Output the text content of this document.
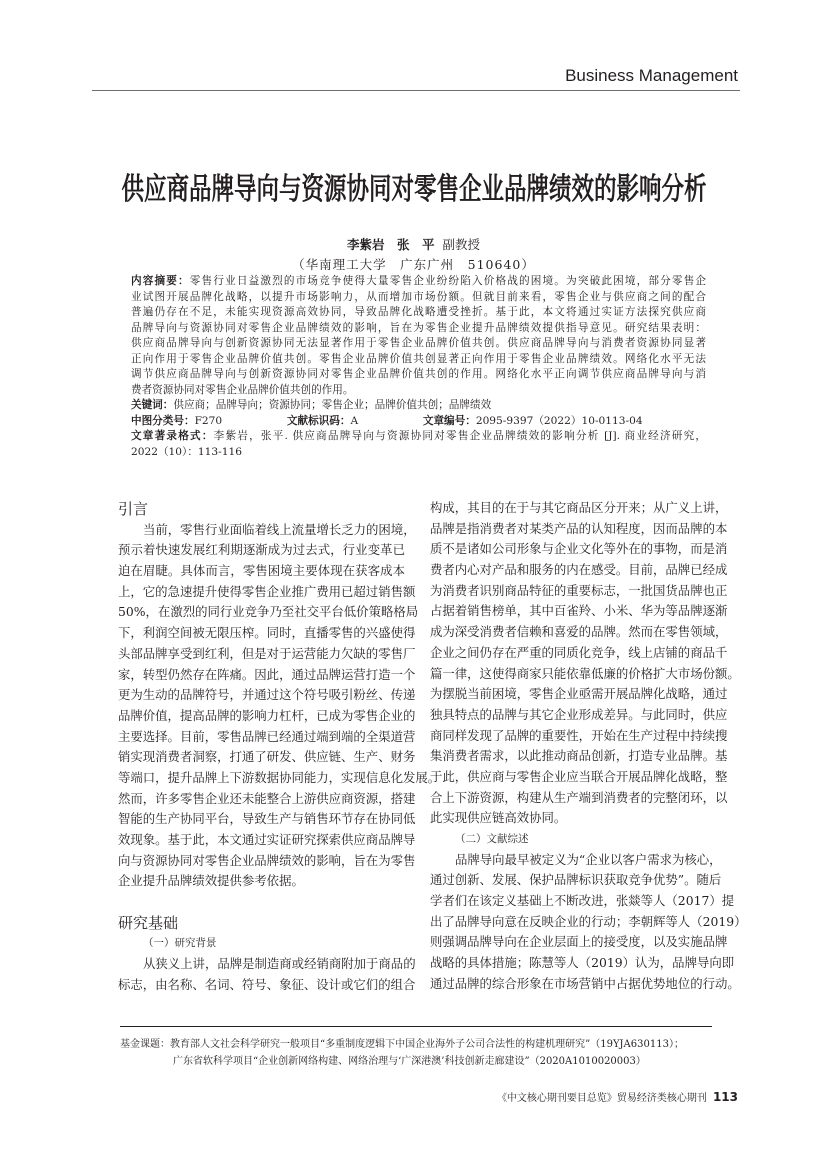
Business Management
供应商品牌导向与资源协同对零售企业品牌绩效的影响分析
李紫岩　张　平 副教授
（华南理工大学　广东广州　510640）
内容摘要：零售行业日益激烈的市场竞争使得大量零售企业纷纷陷入价格战的困境。为突破此困境，部分零售企
业试图开展品牌化战略，以提升市场影响力，从而增加市场份额。但就目前来看，零售企业与供应商之间的配合
普遍仍存在不足，未能实现资源高效协同，导致品牌化战略遭受挫折。基于此，本文将通过实证方法探究供应商
品牌导向与资源协同对零售企业品牌绩效的影响，旨在为零售企业提升品牌绩效提供指导意见。研究结果表明：
供应商品牌导向与创新资源协同无法显著作用于零售企业品牌价值共创。供应商品牌导向与消费者资源协同显著
正向作用于零售企业品牌价值共创。零售企业品牌价值共创显著正向作用于零售企业品牌绩效。网络化水平无法
调节供应商品牌导向与创新资源协同对零售企业品牌价值共创的作用。网络化水平正向调节供应商品牌导向与消
费者资源协同对零售企业品牌价值共创的作用。
关键词：供应商；品牌导向；资源协同；零售企业；品牌价值共创；品牌绩效
中图分类号：F270	文献标识码：A	文章编号：2095-9397（2022）10-0113-04
文章著录格式：李紫岩，张平. 供应商品牌导向与资源协同对零售企业品牌绩效的影响分析 [J]. 商业经济研究，
2022（10）：113-116
引言
当前，零售行业面临着线上流量增长乏力的困境，
预示着快速发展红利期逐渐成为过去式，行业变革已
迫在眉睫。具体而言，零售困境主要体现在获客成本
上，它的急速提升使得零售企业推广费用已超过销售额
50%，在激烈的同行业竞争乃至社交平台低价策略格局
下，利润空间被无限压榨。同时，直播零售的兴盛使得
头部品牌享受到红利，但是对于运营能力欠缺的零售厂
家，转型仍然存在阵痛。因此，通过品牌运营打造一个
更为生动的品牌符号，并通过这个符号吸引粉丝、传递
品牌价值，提高品牌的影响力杠杆，已成为零售企业的
主要选择。目前，零售品牌已经通过端到端的全渠道营
销实现消费者洞察，打通了研发、供应链、生产、财务
等端口，提升品牌上下游数据协同能力，实现信息化发展。
然而，许多零售企业还未能整合上游供应商资源，搭建
智能的生产协同平台，导致生产与销售环节存在协同低
效现象。基于此，本文通过实证研究探索供应商品牌导
向与资源协同对零售企业品牌绩效的影响，旨在为零售
企业提升品牌绩效提供参考依据。
研究基础
（一）研究背景
从狭义上讲，品牌是制造商或经销商附加于商品的
标志，由名称、名词、符号、象征、设计或它们的组合
构成，其目的在于与其它商品区分开来；从广义上讲，
品牌是指消费者对某类产品的认知程度，因而品牌的本
质不是诸如公司形象与企业文化等外在的事物，而是消
费者内心对产品和服务的内在感受。目前，品牌已经成
为消费者识别商品特征的重要标志，一批国货品牌也正
占据着销售榜单，其中百雀羚、小米、华为等品牌逐渐
成为深受消费者信赖和喜爱的品牌。然而在零售领域，
企业之间仍存在严重的同质化竞争，线上店铺的商品千
篇一律，这使得商家只能依靠低廉的价格扩大市场份额。
为摆脱当前困境，零售企业亟需开展品牌化战略，通过
独具特点的品牌与其它企业形成差异。与此同时，供应
商同样发现了品牌的重要性，开始在生产过程中持续搜
集消费者需求，以此推动商品创新，打造专业品牌。基
于此，供应商与零售企业应当联合开展品牌化战略，整
合上下游资源，构建从生产端到消费者的完整闭环，以
此实现供应链高效协同。
（二）文献综述
品牌导向最早被定义为“企业以客户需求为核心，
通过创新、发展、保护品牌标识获取竞争优势”。随后
学者们在该定义基础上不断改进，张燚等人（2017）提
出了品牌导向意在反映企业的行动；李朝辉等人（2019）
则强调品牌导向在企业层面上的接受度，以及实施品牌
战略的具体措施；陈慧等人（2019）认为，品牌导向即
通过品牌的综合形象在市场营销中占据优势地位的行动。
基金课题：教育部人文社会科学研究一般项目“多重制度逻辑下中国企业海外子公司合法性的构建机理研究”（19YJA630113）；
广东省软科学项目“企业创新网络构建、网络治理与‘广深港澳’科技创新走廊建设”（2020A1010020003）
《中文核心期刊要目总览》贸易经济类核心期刊 113
